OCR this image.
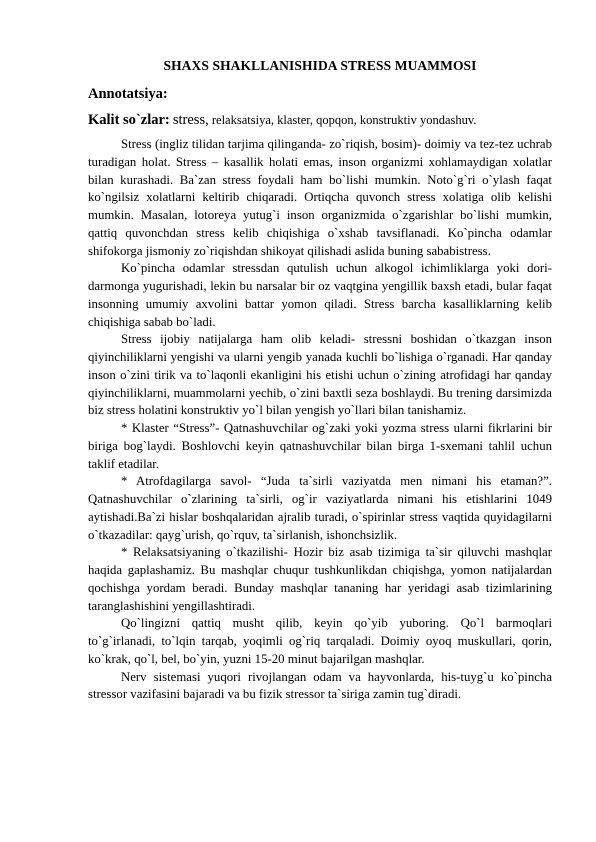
SHAXS SHAKLLANISHIDA STRESS MUAMMOSI
Annotatsiya:

Kalit so`zlar: stress, relaksatsiya, klaster, qopqon, konstruktiv yondashuv.

Stress (ingliz tilidan tarjima qilinganda- zo`riqish, bosim)- doimiy va tez-tez uchrab turadigan holat. Stress – kasallik holati emas, inson organizmi xohlamaydigan xolatlar bilan kurashadi. Ba`zan stress foydali ham bo`lishi mumkin. Noto`g`ri o`ylash faqat ko`ngilsiz xolatlarni keltirib chiqaradi. Ortiqcha quvonch stress xolatiga olib kelishi mumkin. Masalan, lotoreya yutug`i inson organizmida o`zgarishlar bo`lishi mumkin, qattiq quvonchdan stress kelib chiqishiga o`xshab tavsiflanadi. Ko`pincha odamlar shifokorga jismoniy zo`riqishdan shikoyat qilishadi aslida buning sababistress.

Ko`pincha odamlar stressdan qutulish uchun alkogol ichimliklarga yoki dori-darmonga yugurishadi, lekin bu narsalar bir oz vaqtgina yengillik baxsh etadi, bular faqat insonning umumiy axvolini battar yomon qiladi. Stress barcha kasalliklarning kelib chiqishiga sabab bo`ladi.

Stress ijobiy natijalarga ham olib keladi- stressni boshidan o`tkazgan inson qiyinchiliklarni yengishi va ularni yengib yanada kuchli bo`lishiga o`rganadi. Har qanday inson o`zini tirik va to`laqonli ekanligini his etishi uchun o`zining atrofidagi har qanday qiyinchiliklarni, muammolarni yechib, o`zini baxtli seza boshlaydi. Bu trening darsimizda biz stress holatini konstruktiv yo`l bilan yengish yo`llari bilan tanishamiz.

* Klaster “Stress”- Qatnashuvchilar og`zaki yoki yozma stress ularni fikrlarini bir biriga bog`laydi. Boshlovchi keyin qatnashuvchilar bilan birga 1-sxemani tahlil uchun taklif etadilar.

* Atrofdagilarga savol- “Juda ta`sirli vaziyatda men nimani his etaman?”. Qatnashuvchilar o`zlarining ta`sirli, og`ir vaziyatlarda nimani his etishlarini 1049 aytishadi.Ba`zi hislar boshqalaridan ajralib turadi, o`spirinlar stress vaqtida quyidagilarni o`tkazadilar: qayg`urish, qo`rquv, ta`sirlanish, ishonchsizlik.

* Relaksatsiyaning o`tkazilishi- Hozir biz asab tizimiga ta`sir qiluvchi mashqlar haqida gaplashamiz. Bu mashqlar chuqur tushkunlikdan chiqishga, yomon natijalardan qochishga yordam beradi. Bunday mashqlar tananing har yeridagi asab tizimlarining taranglashishini yengillashtiradi.

Qo`lingizni qattiq musht qilib, keyin qo`yib yuboring. Qo`l barmoqlari to`g`irlanadi, to`lqin tarqab, yoqimli og`riq tarqaladi. Doimiy oyoq muskullari, qorin, ko`krak, qo`l, bel, bo`yin, yuzni 15-20 minut bajarilgan mashqlar.

Nerv sistemasi yuqori rivojlangan odam va hayvonlarda, his-tuyg`u ko`pincha stressor vazifasini bajaradi va bu fizik stressor ta`siriga zamin tug`diradi.
